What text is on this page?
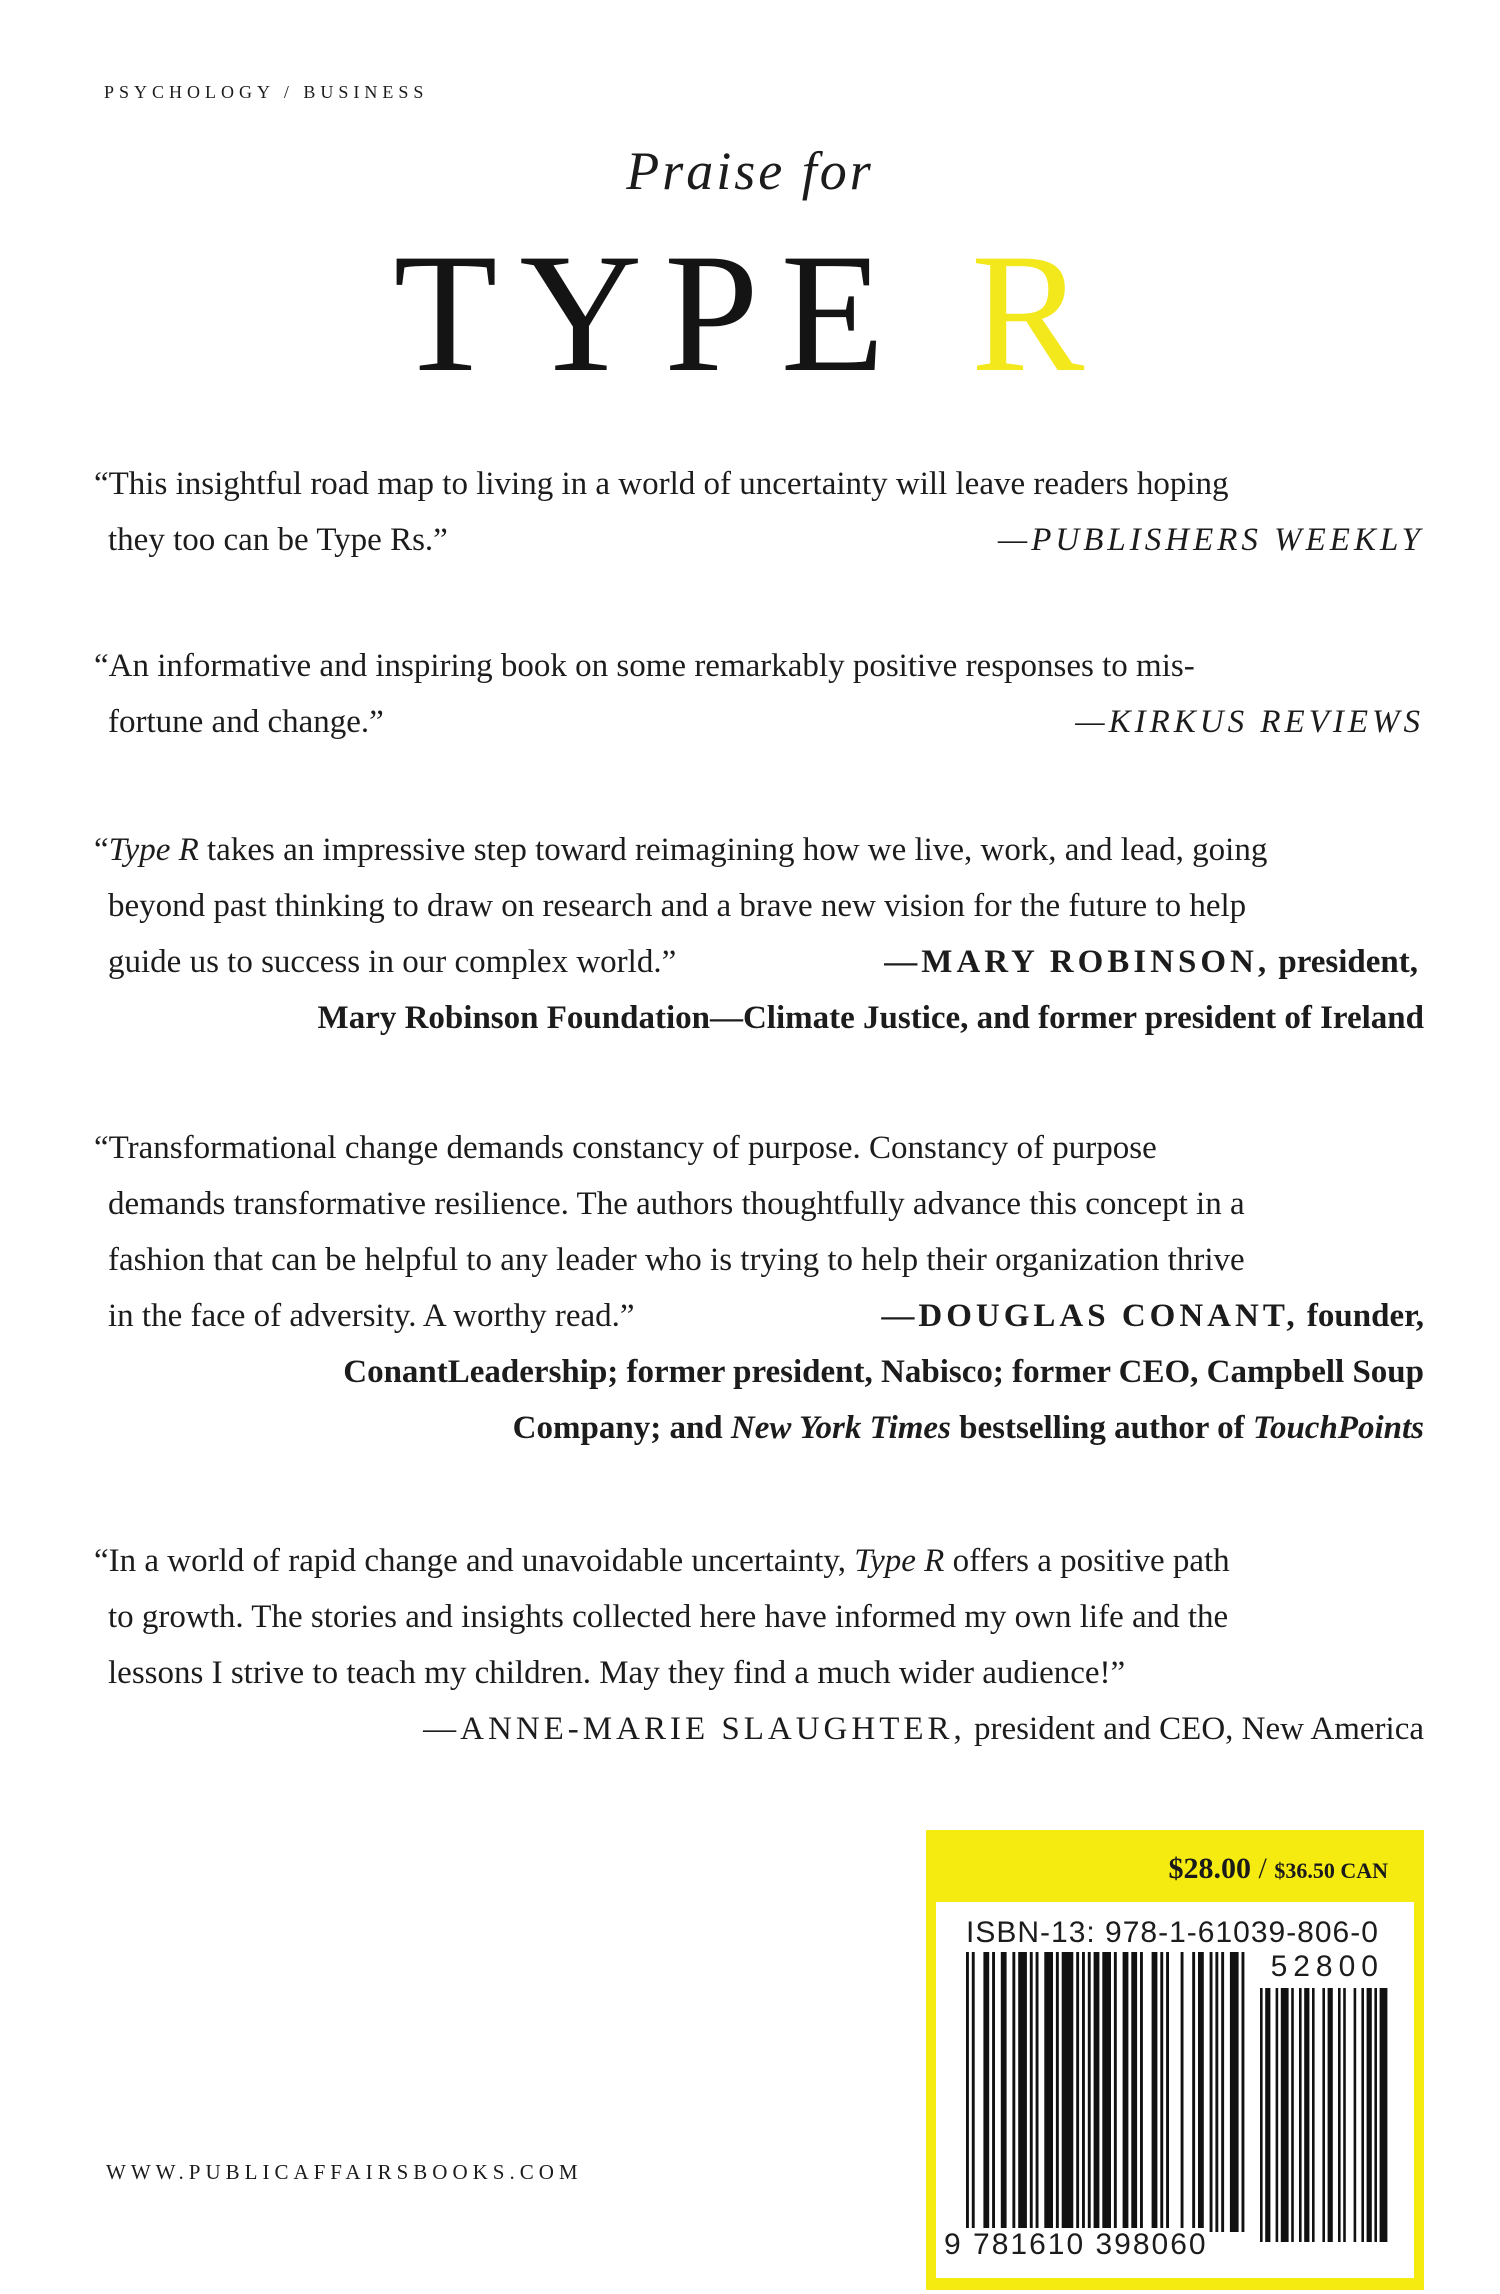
PSYCHOLOGY / BUSINESS
Praise for
TYPE R
“This insightful road map to living in a world of uncertainty will leave readers hoping
they too can be Type Rs.”	—PUBLISHERS WEEKLY
“An informative and inspiring book on some remarkably positive responses to mis-
fortune and change.”	—KIRKUS REVIEWS
“Type R takes an impressive step toward reimagining how we live, work, and lead, going
beyond past thinking to draw on research and a brave new vision for the future to help
guide us to success in our complex world.”	—MARY ROBINSON, president,
Mary Robinson Foundation—Climate Justice, and former president of Ireland
“Transformational change demands constancy of purpose. Constancy of purpose
demands transformative resilience. The authors thoughtfully advance this concept in a
fashion that can be helpful to any leader who is trying to help their organization thrive
in the face of adversity. A worthy read.”	—DOUGLAS CONANT, founder,
ConantLeadership; former president, Nabisco; former CEO, Campbell Soup
Company; and New York Times bestselling author of TouchPoints
“In a world of rapid change and unavoidable uncertainty, Type R offers a positive path
to growth. The stories and insights collected here have informed my own life and the
lessons I strive to teach my children. May they find a much wider audience!”
—ANNE-MARIE SLAUGHTER, president and CEO, New America
$28.00 / $36.50 CAN
ISBN-13: 978-1-61039-806-0
52800
9 781610 398060
WWW.PUBLICAFFAIRSBOOKS.COM
